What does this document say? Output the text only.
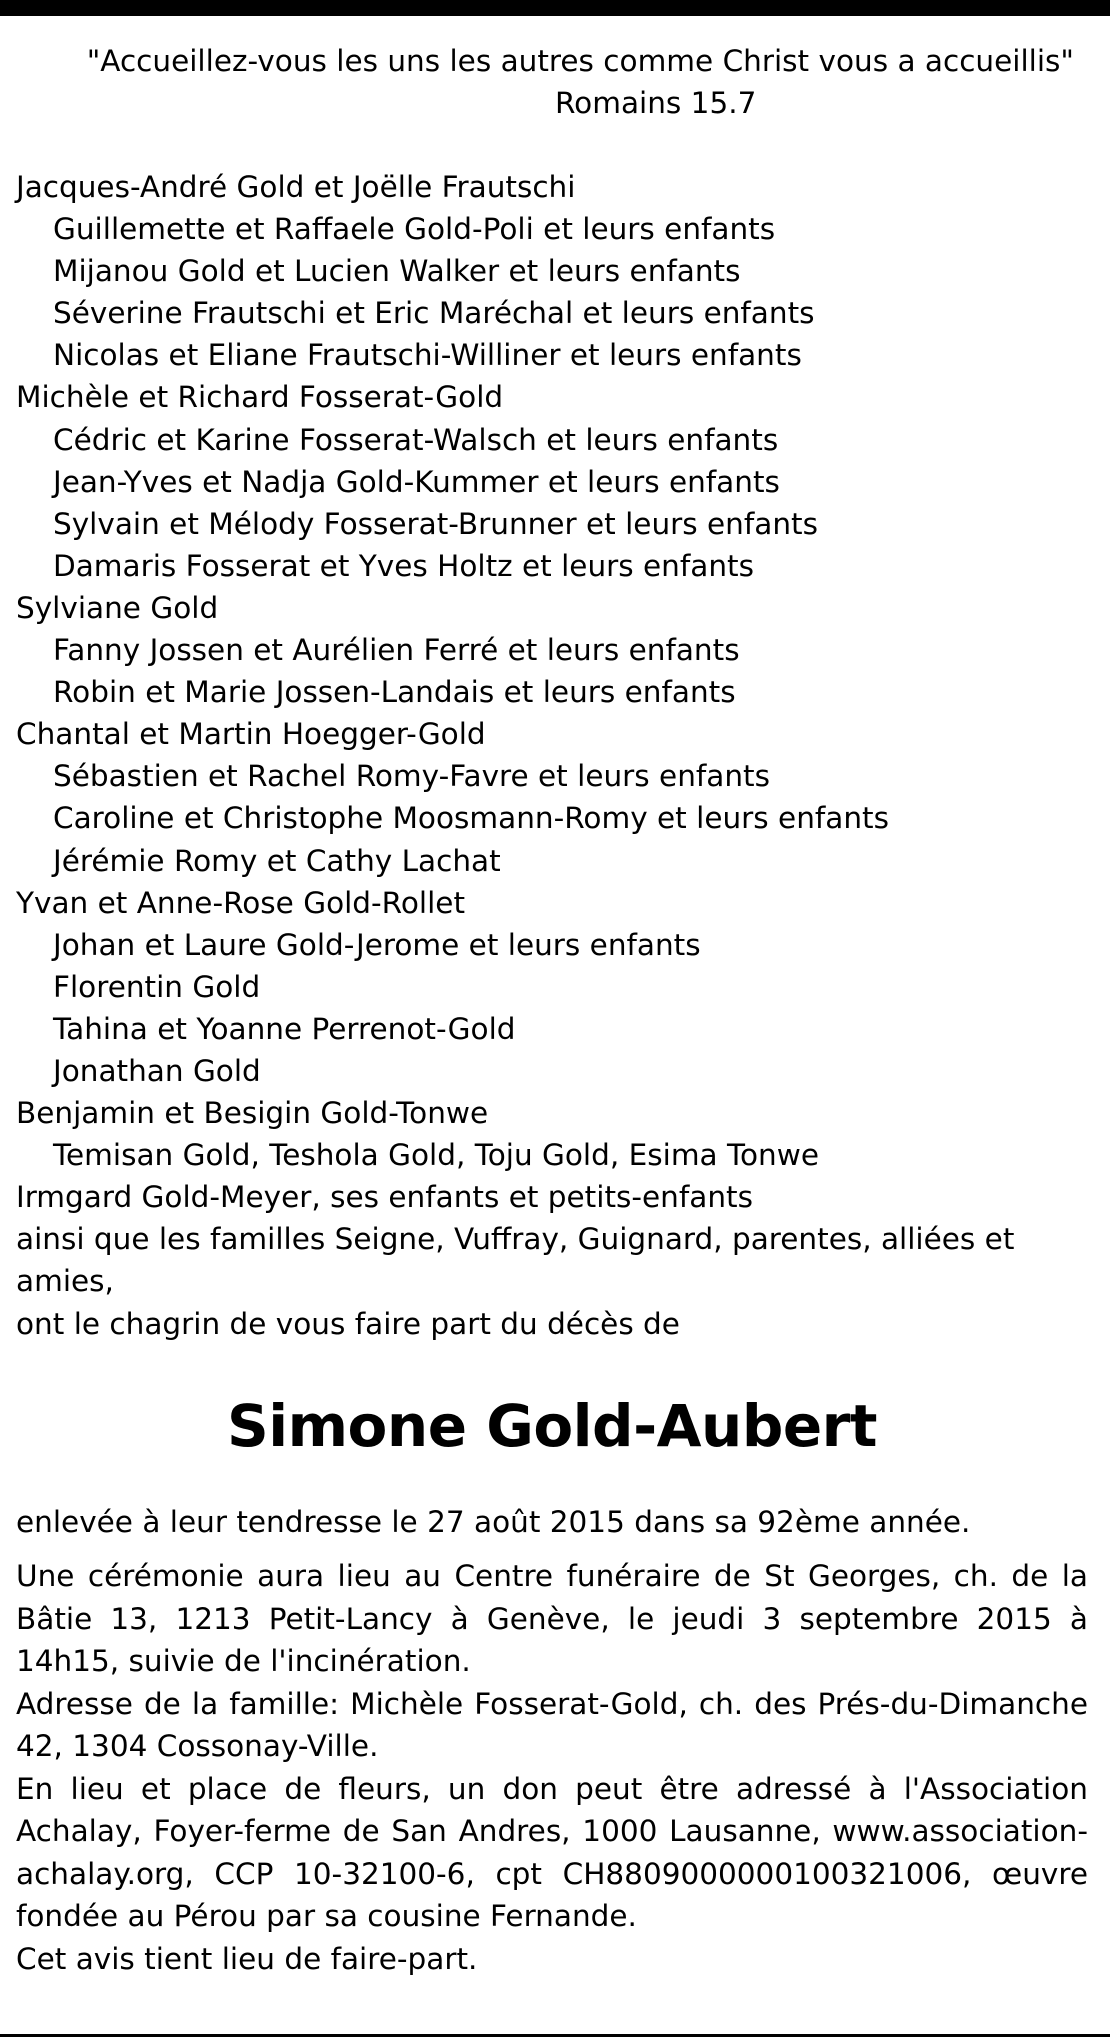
"Accueillez-vous les uns les autres comme Christ vous a accueillis"
Romains 15.7
Jacques-André Gold et Joëlle Frautschi
Guillemette et Raffaele Gold-Poli et leurs enfants
Mijanou Gold et Lucien Walker et leurs enfants
Séverine Frautschi et Eric Maréchal et leurs enfants
Nicolas et Eliane Frautschi-Williner et leurs enfants
Michèle et Richard Fosserat-Gold
Cédric et Karine Fosserat-Walsch et leurs enfants
Jean-Yves et Nadja Gold-Kummer et leurs enfants
Sylvain et Mélody Fosserat-Brunner et leurs enfants
Damaris Fosserat et Yves Holtz et leurs enfants
Sylviane Gold
Fanny Jossen et Aurélien Ferré et leurs enfants
Robin et Marie Jossen-Landais et leurs enfants
Chantal et Martin Hoegger-Gold
Sébastien et Rachel Romy-Favre et leurs enfants
Caroline et Christophe Moosmann-Romy et leurs enfants
Jérémie Romy et Cathy Lachat
Yvan et Anne-Rose Gold-Rollet
Johan et Laure Gold-Jerome et leurs enfants
Florentin Gold
Tahina et Yoanne Perrenot-Gold
Jonathan Gold
Benjamin et Besigin Gold-Tonwe
Temisan Gold, Teshola Gold, Toju Gold, Esima Tonwe
Irmgard Gold-Meyer, ses enfants et petits-enfants
ainsi que les familles Seigne, Vuffray, Guignard, parentes, alliées et amies,
ont le chagrin de vous faire part du décès de
Simone Gold-Aubert

enlevée à leur tendresse le 27 août 2015 dans sa 92ème année.

Une cérémonie aura lieu au Centre funéraire de St Georges, ch. de la Bâtie 13, 1213 Petit-Lancy à Genève, le jeudi 3 septembre 2015 à 14h15, suivie de l'incinération.

Adresse de la famille: Michèle Fosserat-Gold, ch. des Prés-du-Dimanche 42, 1304 Cossonay-Ville.

En lieu et place de fleurs, un don peut être adressé à l'Association Achalay, Foyer-ferme de San Andres, 1000 Lausanne, www.association-achalay.org, CCP 10-32100-6, cpt CH8809000000100321006, œuvre fondée au Pérou par sa cousine Fernande.

Cet avis tient lieu de faire-part.
